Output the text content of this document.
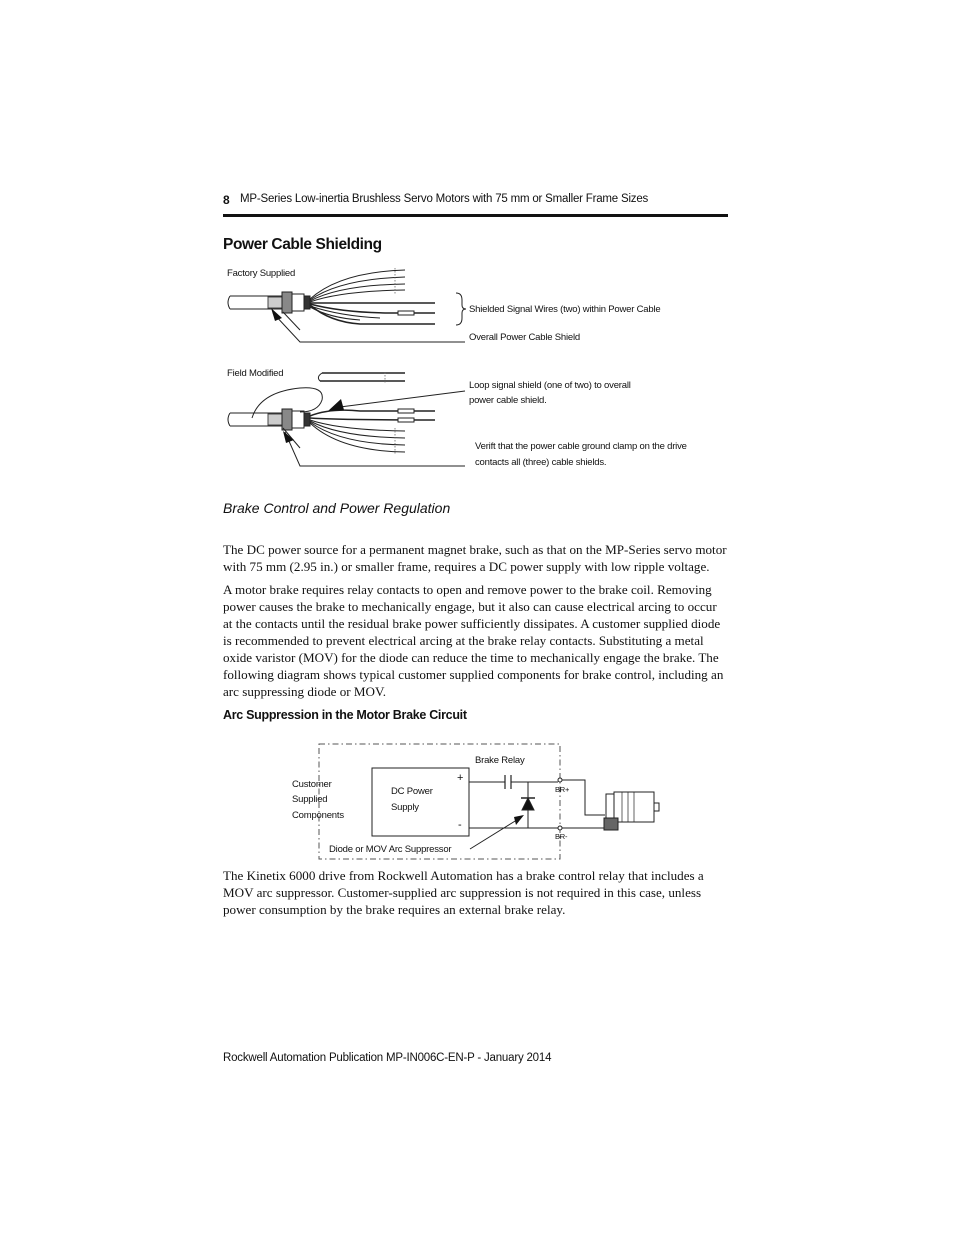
8 MP-Series Low-inertia Brushless Servo Motors with 75 mm or Smaller Frame Sizes
Power Cable Shielding
Factory Supplied
Shielded Signal Wires (two) within Power Cable
Overall Power Cable Shield
Field Modified
Loop signal shield (one of two) to overall
power cable shield.
Verift that the power cable ground clamp on the drive
contacts all (three) cable shields.
Brake Control and Power Regulation

The DC power source for a permanent magnet brake, such as that on the MP-Series servo motor with 75 mm (2.95 in.) or smaller frame, requires a DC power supply with low ripple voltage.

A motor brake requires relay contacts to open and remove power to the brake coil. Removing power causes the brake to mechanically engage, but it also can cause electrical arcing to occur at the contacts until the residual brake power sufficiently dissipates. A customer supplied diode is recommended to prevent electrical arcing at the brake relay contacts. Substituting a metal oxide varistor (MOV) for the diode can reduce the time to mechanically engage the brake. The following diagram shows typical customer supplied components for brake control, including an arc suppressing diode or MOV.

Arc Suppression in the Motor Brake Circuit
Customer
Supplied
Components
DC Power
Supply
+
-
Brake Relay
BR+
BR-
Diode or MOV Arc Suppressor

The Kinetix 6000 drive from Rockwell Automation has a brake control relay that includes a MOV arc suppressor. Customer-supplied arc suppression is not required in this case, unless power consumption by the brake requires an external brake relay.

Rockwell Automation Publication MP-IN006C-EN-P - January 2014
